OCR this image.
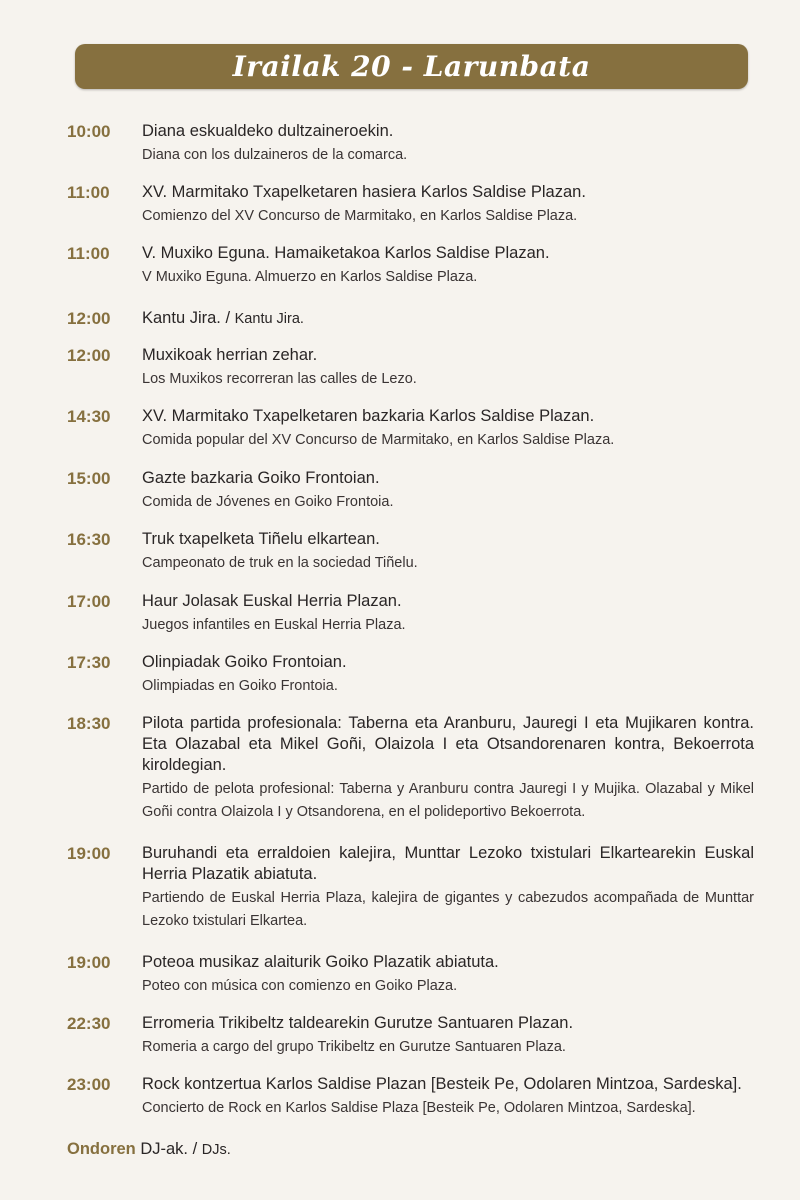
Irailak 20 - Larunbata
10:00	Diana eskualdeko dultzaineroekin.
Diana con los dulzaineros de la comarca.
11:00	XV. Marmitako Txapelketaren hasiera Karlos Saldise Plazan.
Comienzo del XV Concurso de Marmitako, en Karlos Saldise Plaza.
11:00	V. Muxiko Eguna. Hamaiketakoa Karlos Saldise Plazan.
V Muxiko Eguna. Almuerzo en Karlos Saldise Plaza.
12:00	Kantu Jira. / Kantu Jira.
12:00	Muxikoak herrian zehar.
Los Muxikos recorreran las calles de Lezo.
14:30	XV. Marmitako Txapelketaren bazkaria Karlos Saldise Plazan.
Comida popular del XV Concurso de Marmitako, en Karlos Saldise Plaza.
15:00	Gazte bazkaria Goiko Frontoian.
Comida de Jóvenes en Goiko Frontoia.
16:30	Truk txapelketa Tiñelu elkartean.
Campeonato de truk en la sociedad Tiñelu.
17:00	Haur Jolasak Euskal Herria Plazan.
Juegos infantiles en Euskal Herria Plaza.
17:30	Olinpiadak Goiko Frontoian.
Olimpiadas en Goiko Frontoia.
18:30	Pilota partida profesionala: Taberna eta Aranburu, Jauregi I eta Mujikaren kontra. Eta Olazabal eta Mikel Goñi, Olaizola I eta Otsandorenaren kontra, Bekoerrota kiroldegian.
Partido de pelota profesional: Taberna y Aranburu contra Jauregi I y Mujika. Olazabal y Mikel Goñi contra Olaizola I y Otsandorena, en el polideportivo Bekoerrota.
19:00	Buruhandi eta erraldoien kalejira, Munttar Lezoko txistulari Elkartearekin Euskal Herria Plazatik abiatuta.
Partiendo de Euskal Herria Plaza, kalejira de gigantes y cabezudos acompañada de Munttar Lezoko txistulari Elkartea.
19:00	Poteoa musikaz alaiturik Goiko Plazatik abiatuta.
Poteo con música con comienzo en Goiko Plaza.
22:30	Erromeria Trikibeltz taldearekin Gurutze Santuaren Plazan.
Romeria a cargo del grupo Trikibeltz en Gurutze Santuaren Plaza.
23:00	Rock kontzertua Karlos Saldise Plazan [Besteik Pe, Odolaren Mintzoa, Sardeska].
Concierto de Rock en Karlos Saldise Plaza [Besteik Pe, Odolaren Mintzoa, Sardeska].
Ondoren DJ-ak. / DJs.
